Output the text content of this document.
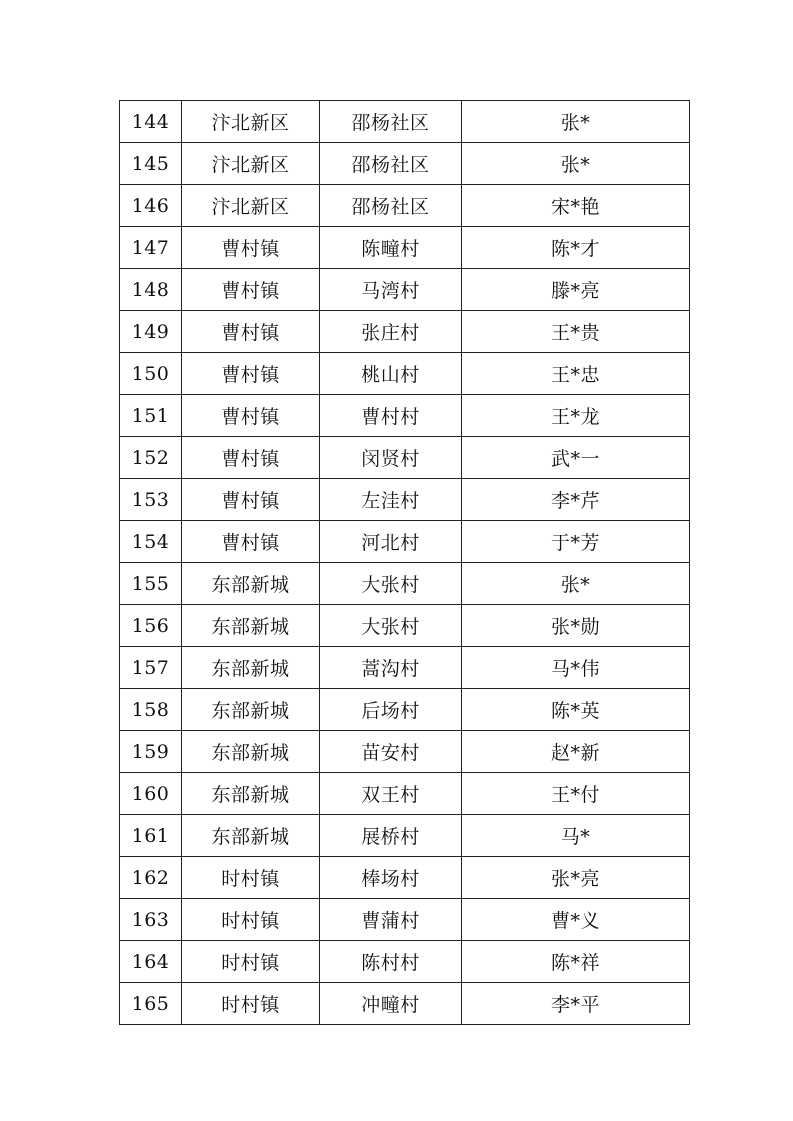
144	汴北新区	邵杨社区	张*
145	汴北新区	邵杨社区	张*
146	汴北新区	邵杨社区	宋*艳
147	曹村镇	陈疃村	陈*才
148	曹村镇	马湾村	滕*亮
149	曹村镇	张庄村	王*贵
150	曹村镇	桃山村	王*忠
151	曹村镇	曹村村	王*龙
152	曹村镇	闵贤村	武*一
153	曹村镇	左洼村	李*芹
154	曹村镇	河北村	于*芳
155	东部新城	大张村	张*
156	东部新城	大张村	张*勋
157	东部新城	蒿沟村	马*伟
158	东部新城	后场村	陈*英
159	东部新城	苗安村	赵*新
160	东部新城	双王村	王*付
161	东部新城	展桥村	马*
162	时村镇	棒场村	张*亮
163	时村镇	曹蒲村	曹*义
164	时村镇	陈村村	陈*祥
165	时村镇	冲疃村	李*平
